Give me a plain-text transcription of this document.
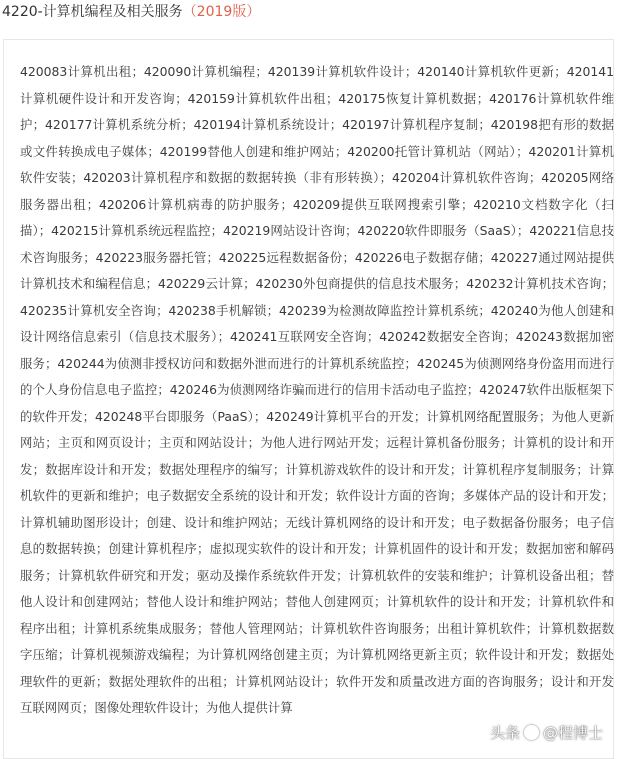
4220-计算机编程及相关服务（2019版）
420083计算机出租；420090计算机编程；420139计算机软件设计；420140计算机软件更新；420141计算机硬件设计和开发咨询；420159计算机软件出租；420175恢复计算机数据；420176计算机软件维护；420177计算机系统分析；420194计算机系统设计；420197计算机程序复制；420198把有形的数据或文件转换成电子媒体；420199替他人创建和维护网站；420200托管计算机站（网站）；420201计算机软件安装；420203计算机程序和数据的数据转换（非有形转换）；420204计算机软件咨询；420205网络服务器出租；420206计算机病毒的防护服务；420209提供互联网搜索引擎；420210文档数字化（扫描）；420215计算机系统远程监控；420219网站设计咨询；420220软件即服务（SaaS）；420221信息技术咨询服务；420223服务器托管；420225远程数据备份；420226电子数据存储；420227通过网站提供计算机技术和编程信息；420229云计算；420230外包商提供的信息技术服务；420232计算机技术咨询；420235计算机安全咨询；420238手机解锁；420239为检测故障监控计算机系统；420240为他人创建和设计网络信息索引（信息技术服务）；420241互联网安全咨询；420242数据安全咨询；420243数据加密服务；420244为侦测非授权访问和数据外泄而进行的计算机系统监控；420245为侦测网络身份盗用而进行的个人身份信息电子监控；420246为侦测网络诈骗而进行的信用卡活动电子监控；420247软件出版框架下的软件开发；420248平台即服务（PaaS）；420249计算机平台的开发；计算机网络配置服务；为他人更新网站；主页和网页设计；主页和网站设计；为他人进行网站开发；远程计算机备份服务；计算机的设计和开发；数据库设计和开发；数据处理程序的编写；计算机游戏软件的设计和开发；计算机程序复制服务；计算机软件的更新和维护；电子数据安全系统的设计和开发；软件设计方面的咨询；多媒体产品的设计和开发；计算机辅助图形设计；创建、设计和维护网站；无线计算机网络的设计和开发；电子数据备份服务；电子信息的数据转换；创建计算机程序；虚拟现实软件的设计和开发；计算机固件的设计和开发；数据加密和解码服务；计算机软件研究和开发；驱动及操作系统软件开发；计算机软件的安装和维护；计算机设备出租；替他人设计和创建网站；替他人设计和维护网站；替他人创建网页；计算机软件的设计和开发；计算机软件和程序出租；计算机系统集成服务；替他人管理网站；计算机软件咨询服务；出租计算机软件；计算机数据数字压缩；计算机视频游戏编程；为计算机网络创建主页；为计算机网络更新主页；软件设计和开发；数据处理软件的更新；数据处理软件的出租；计算机网站设计；软件开发和质量改进方面的咨询服务；设计和开发互联网网页；图像处理软件设计；为他人提供计算
头条 @程博士
